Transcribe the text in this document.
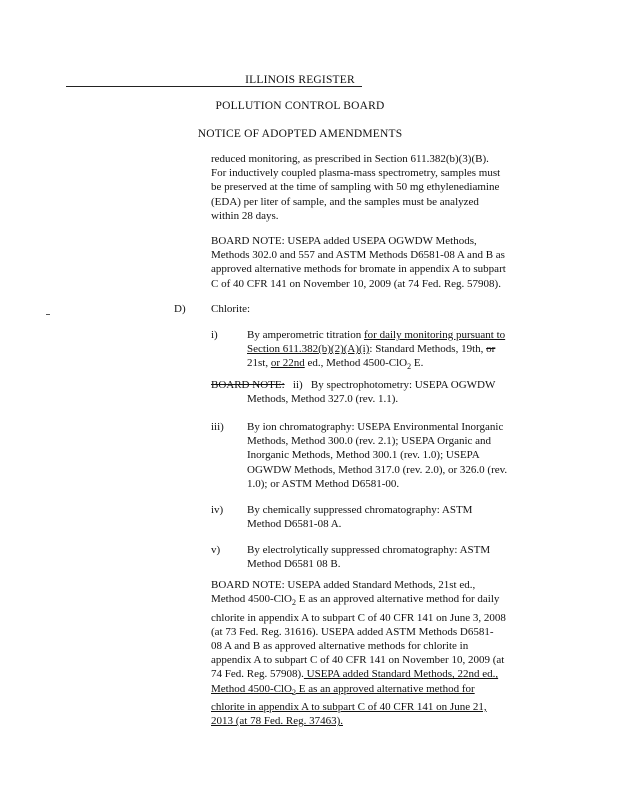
ILLINOIS REGISTER
POLLUTION CONTROL BOARD
NOTICE OF ADOPTED AMENDMENTS
reduced monitoring, as prescribed in Section 611.382(b)(3)(B).
For inductively coupled plasma-mass spectrometry, samples must
be preserved at the time of sampling with 50 mg ethylenediamine
(EDA) per liter of sample, and the samples must be analyzed
within 28 days.
BOARD NOTE: USEPA added USEPA OGWDW Methods,
Methods 302.0 and 557 and ASTM Methods D6581-08 A and B as
approved alternative methods for bromate in appendix A to subpart
C of 40 CFR 141 on November 10, 2009 (at 74 Fed. Reg. 57908).
D) Chlorite:
i)	By amperometric titration for daily monitoring pursuant to
Section 611.382(b)(2)(A)(i): Standard Methods, 19th, or
21st, or 22nd ed., Method 4500-ClO$_2$ E.
BOARD NOTE: ii) By spectrophotometry: USEPA OGWDW
Methods, Method 327.0 (rev. 1.1).
iii) By ion chromatography: USEPA Environmental Inorganic
Methods, Method 300.0 (rev. 2.1); USEPA Organic and
Inorganic Methods, Method 300.1 (rev. 1.0); USEPA
OGWDW Methods, Method 317.0 (rev. 2.0), or 326.0 (rev.
1.0); or ASTM Method D6581-00.
iv) By chemically suppressed chromatography: ASTM
Method D6581-08 A.
v) By electrolytically suppressed chromatography: ASTM
Method D6581 08 B.
BOARD NOTE: USEPA added Standard Methods, 21st ed.,
Method 4500-ClO$_2$ E as an approved alternative method for daily
chlorite in appendix A to subpart C of 40 CFR 141 on June 3, 2008
(at 73 Fed. Reg. 31616). USEPA added ASTM Methods D6581-
08 A and B as approved alternative methods for chlorite in
appendix A to subpart C of 40 CFR 141 on November 10, 2009 (at
74 Fed. Reg. 57908). USEPA added Standard Methods, 22nd ed.,
Method 4500-ClO$_2$ E as an approved alternative method for
chlorite in appendix A to subpart C of 40 CFR 141 on June 21,
2013 (at 78 Fed. Reg. 37463).
